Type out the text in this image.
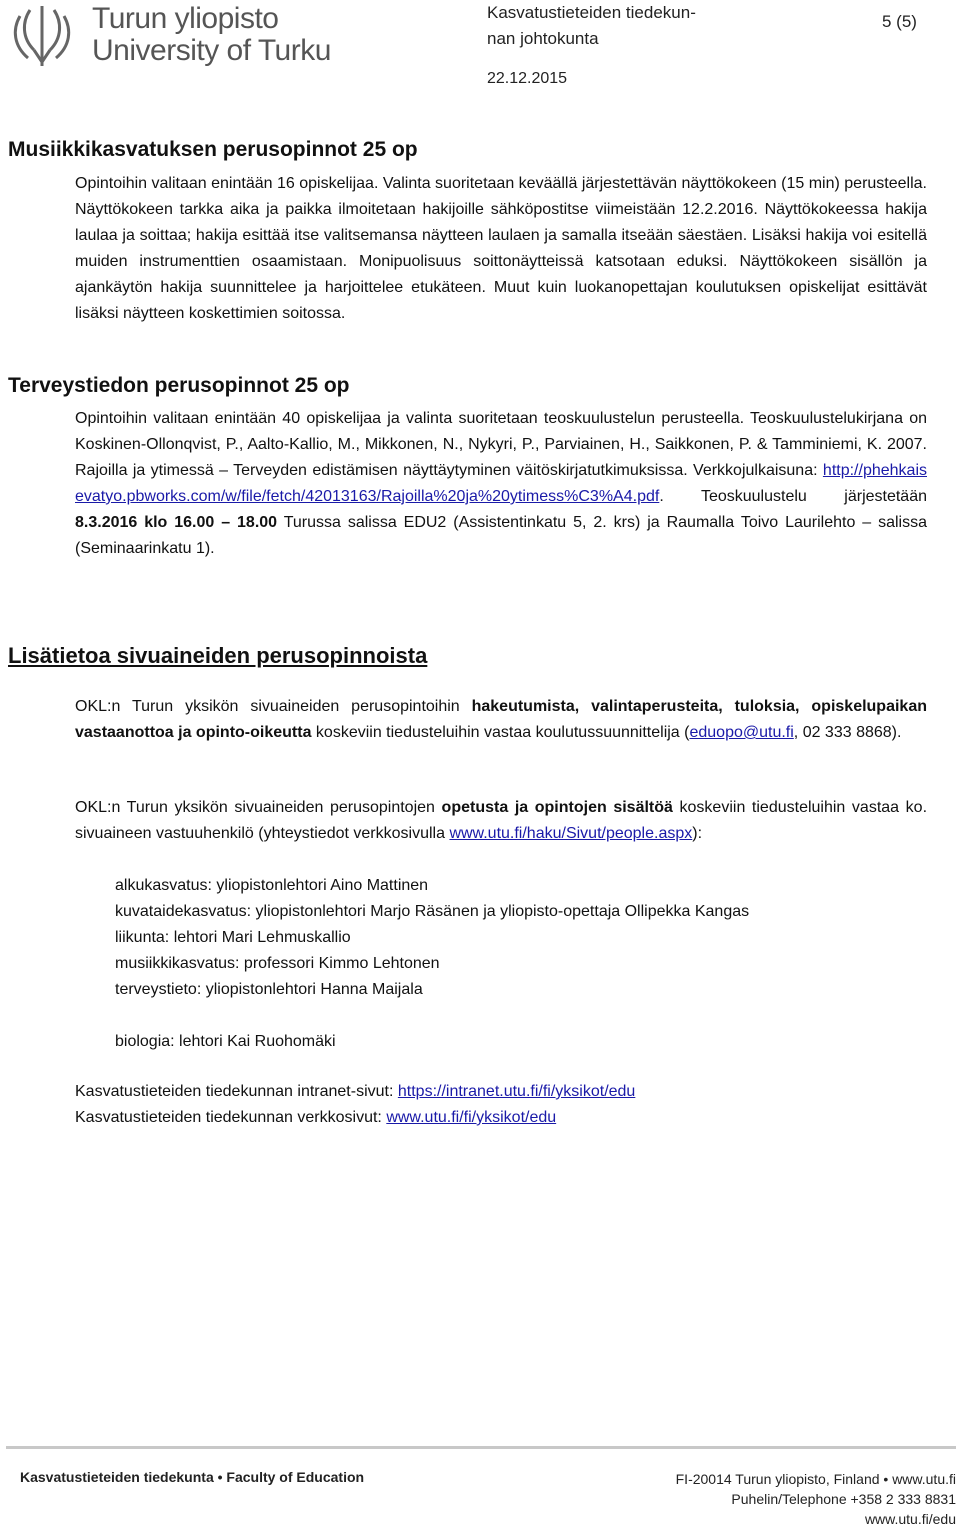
Turun yliopisto
University of Turku
Kasvatustieteiden tiedekun-
nan johtokunta
5 (5)
22.12.2015
Musiikkikasvatuksen perusopinnot 25 op
Opintoihin valitaan enintään 16 opiskelijaa. Valinta suoritetaan keväällä järjestettävän näyttökokeen (15 min) perusteella. Näyttökokeen tarkka aika ja paikka ilmoitetaan hakijoille sähköpostitse viimeistään 12.2.2016. Näyttökokeessa hakija laulaa ja soittaa; hakija esittää itse valitsemansa näytteen laulaen ja samalla itseään säestäen. Lisäksi hakija voi esitellä muiden instrumenttien osaamistaan. Monipuolisuus soittonäytteissä katsotaan eduksi. Näyttökokeen sisällön ja ajankäytön hakija suunnittelee ja harjoittelee etukäteen. Muut kuin luokanopettajan koulutuksen opiskelijat esittävät lisäksi näytteen koskettimien soitossa.
Terveystiedon perusopinnot 25 op
Opintoihin valitaan enintään 40 opiskelijaa ja valinta suoritetaan teoskuulustelun perusteella. Teoskuulustelukirjana on Koskinen-Ollonqvist, P., Aalto-Kallio, M., Mikkonen, N., Nykyri, P., Parviainen, H., Saikkonen, P. & Tamminiemi, K. 2007. Rajoilla ja ytimessä – Terveyden edistämisen näyttäytyminen väitöskirjatutkimuksissa. Verkkojulkaisuna: http://phehkaisevatyo.pbworks.com/w/file/fetch/42013163/Rajoilla%20ja%20ytimess%C3%A4.pdf. Teoskuulustelu järjestetään 8.3.2016 klo 16.00 – 18.00 Turussa salissa EDU2 (Assistentinkatu 5, 2. krs) ja Raumalla Toivo Laurilehto – salissa (Seminaarinkatu 1).
Lisätietoa sivuaineiden perusopinnoista
OKL:n Turun yksikön sivuaineiden perusopintoihin hakeutumista, valintaperusteita, tuloksia, opiskelupaikan vastaanottoa ja opinto-oikeutta koskeviin tiedusteluihin vastaa koulutussuunnittelija (eduopo@utu.fi, 02 333 8868).
OKL:n Turun yksikön sivuaineiden perusopintojen opetusta ja opintojen sisältöä koskeviin tiedusteluihin vastaa ko. sivuaineen vastuuhenkilö (yhteystiedot verkkosivulla www.utu.fi/haku/Sivut/people.aspx):
alkukasvatus: yliopistonlehtori Aino Mattinen
kuvataidekasvatus: yliopistonlehtori Marjo Räsänen ja yliopisto-opettaja Ollipekka Kangas
liikunta: lehtori Mari Lehmuskallio
musiikkikasvatus: professori Kimmo Lehtonen
terveystieto: yliopistonlehtori Hanna Maijala
biologia: lehtori Kai Ruohomäki
Kasvatustieteiden tiedekunnan intranet-sivut: https://intranet.utu.fi/fi/yksikot/edu
Kasvatustieteiden tiedekunnan verkkosivut: www.utu.fi/fi/yksikot/edu
Kasvatustieteiden tiedekunta • Faculty of Education	FI-20014 Turun yliopisto, Finland • www.utu.fi
Puhelin/Telephone +358 2 333 8831
www.utu.fi/edu
